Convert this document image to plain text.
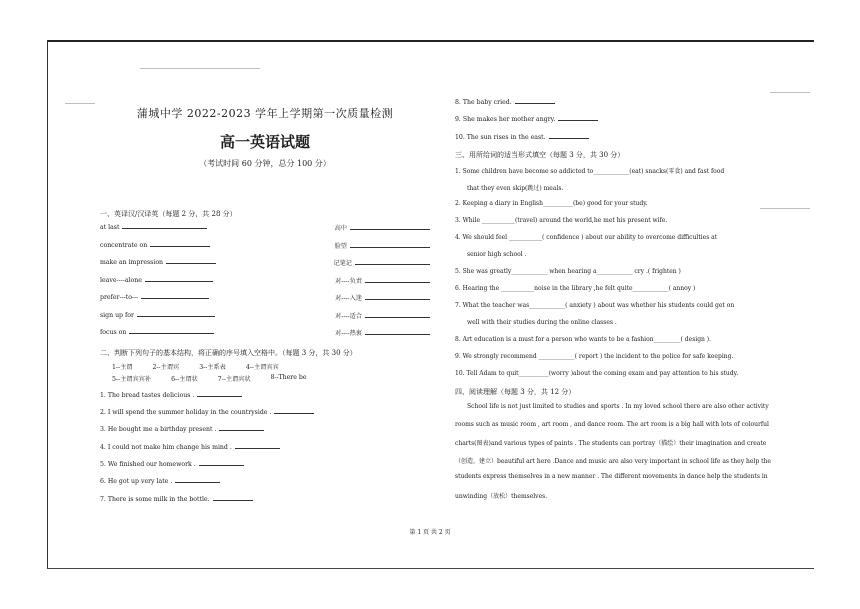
蒲城中学 2022-2023 学年上学期第一次质量检测
高一英语试题
（考试时间 60 分钟，总分 100 分）
一、英译汉/汉译英（每题 2 分，共 28 分）
at last	高中
concentrate on	脸望
make an impression	记笔记
leave----alone	对----负责
prefer---to---	对----入迷
sign up for	对----适合
focus on	对----热衷
二、判断下列句子的基本结构，将正确的序号填入空格中。（每题 3 分，共 30 分）
1--主谓	2--主谓宾	3--主系表	4--主谓宾宾
5--主谓宾宾补	6--主谓状	7--主谓宾状	8--There be
1. The bread tastes delicious .
2. I will spend the summer holiday in the countryside .
3. He bought me a birthday present .
4. I could not make him change his mind .
5. We finished our homework .
6. He got up very late .
7. There is some milk in the bottle.
8. The baby cried.
9. She makes her mother angry.
10. The sun rises in the east.
三、用所给词的适当形式填空（每题 3 分，共 30 分）
1. Some children have become so addicted to____________(eat) snacks(零食) and fast food
that they even skip(跳过) meals.
2. Keeping a diary in English__________(be) good for your study.
3. While ___________(travel) around the world,he met his present wife.
4. We should feel ___________( confidence ) about our ability to overcome difficulties at
senior high school .
5. She was greatly____________ when hearing a____________ cry .( frighten )
6. Hearing the ___________noise in the library ,he felt quite____________( annoy )
7. What the teacher was____________( anxiety ) about was whether his students could get on
well with their studies during the online classes .
8. Art education is a must for a person who wants to be a fashion_________( design ).
9. We strongly recommend ____________( report ) the incident to the police for safe keeping.
10. Tell Adam to quit__________(worry )about the coming exam and pay attention to his study.
四、阅读理解（每题 3 分，共 12 分）
School life is not just limited to studies and sports . In my loved school there are also other activity
rooms such as music room , art room , and dance room. The art room is a big hall with lots of colourful
charts(图表)and various types of paints . The students can portray（描绘）their imagination and create
（创造，建立）beautiful art here .Dance and music are also very important in school life as they help the
students express themselves in a new manner . The different movements in dance help the students in
unwinding（放松）themselves.
第 1 页 共 2 页
